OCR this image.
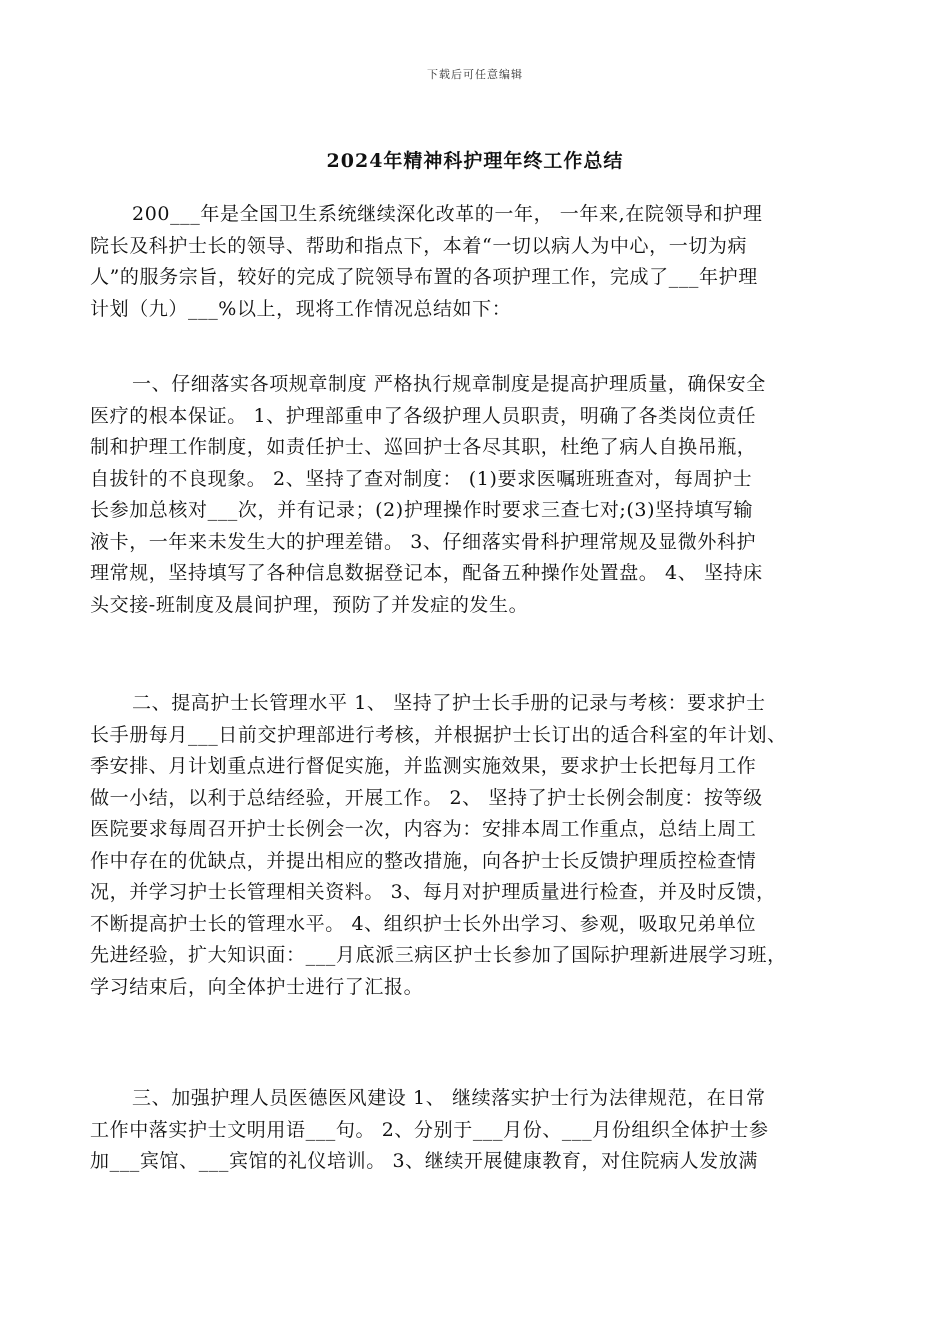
下载后可任意编辑
2024年精神科护理年终工作总结
200___年是全国卫生系统继续深化改革的一年， 一年来,在院领导和护理
院长及科护士长的领导、帮助和指点下，本着“一切以病人为中心，一切为病
人”的服务宗旨，较好的完成了院领导布置的各项护理工作，完成了___年护理
计划（九）___%以上，现将工作情况总结如下：
一、仔细落实各项规章制度 严格执行规章制度是提高护理质量，确保安全
医疗的根本保证。 1、护理部重申了各级护理人员职责，明确了各类岗位责任
制和护理工作制度，如责任护士、巡回护士各尽其职，杜绝了病人自换吊瓶，
自拔针的不良现象。 2、坚持了查对制度： (1)要求医嘱班班查对，每周护士
长参加总核对___次，并有记录；(2)护理操作时要求三查七对;(3)坚持填写输
液卡，一年来未发生大的护理差错。 3、仔细落实骨科护理常规及显微外科护
理常规，坚持填写了各种信息数据登记本，配备五种操作处置盘。 4、 坚持床
头交接-班制度及晨间护理，预防了并发症的发生。
二、提高护士长管理水平 1、 坚持了护士长手册的记录与考核：要求护士
长手册每月___日前交护理部进行考核，并根据护士长订出的适合科室的年计划、
季安排、月计划重点进行督促实施，并监测实施效果，要求护士长把每月工作
做一小结，以利于总结经验，开展工作。 2、 坚持了护士长例会制度：按等级
医院要求每周召开护士长例会一次，内容为：安排本周工作重点，总结上周工
作中存在的优缺点，并提出相应的整改措施，向各护士长反馈护理质控检查情
况，并学习护士长管理相关资料。 3、每月对护理质量进行检查，并及时反馈，
不断提高护士长的管理水平。 4、组织护士长外出学习、参观，吸取兄弟单位
先进经验，扩大知识面：___月底派三病区护士长参加了国际护理新进展学习班，
学习结束后，向全体护士进行了汇报。
三、加强护理人员医德医风建设 1、 继续落实护士行为法律规范，在日常
工作中落实护士文明用语___句。 2、分别于___月份、___月份组织全体护士参
加___宾馆、___宾馆的礼仪培训。 3、继续开展健康教育，对住院病人发放满
